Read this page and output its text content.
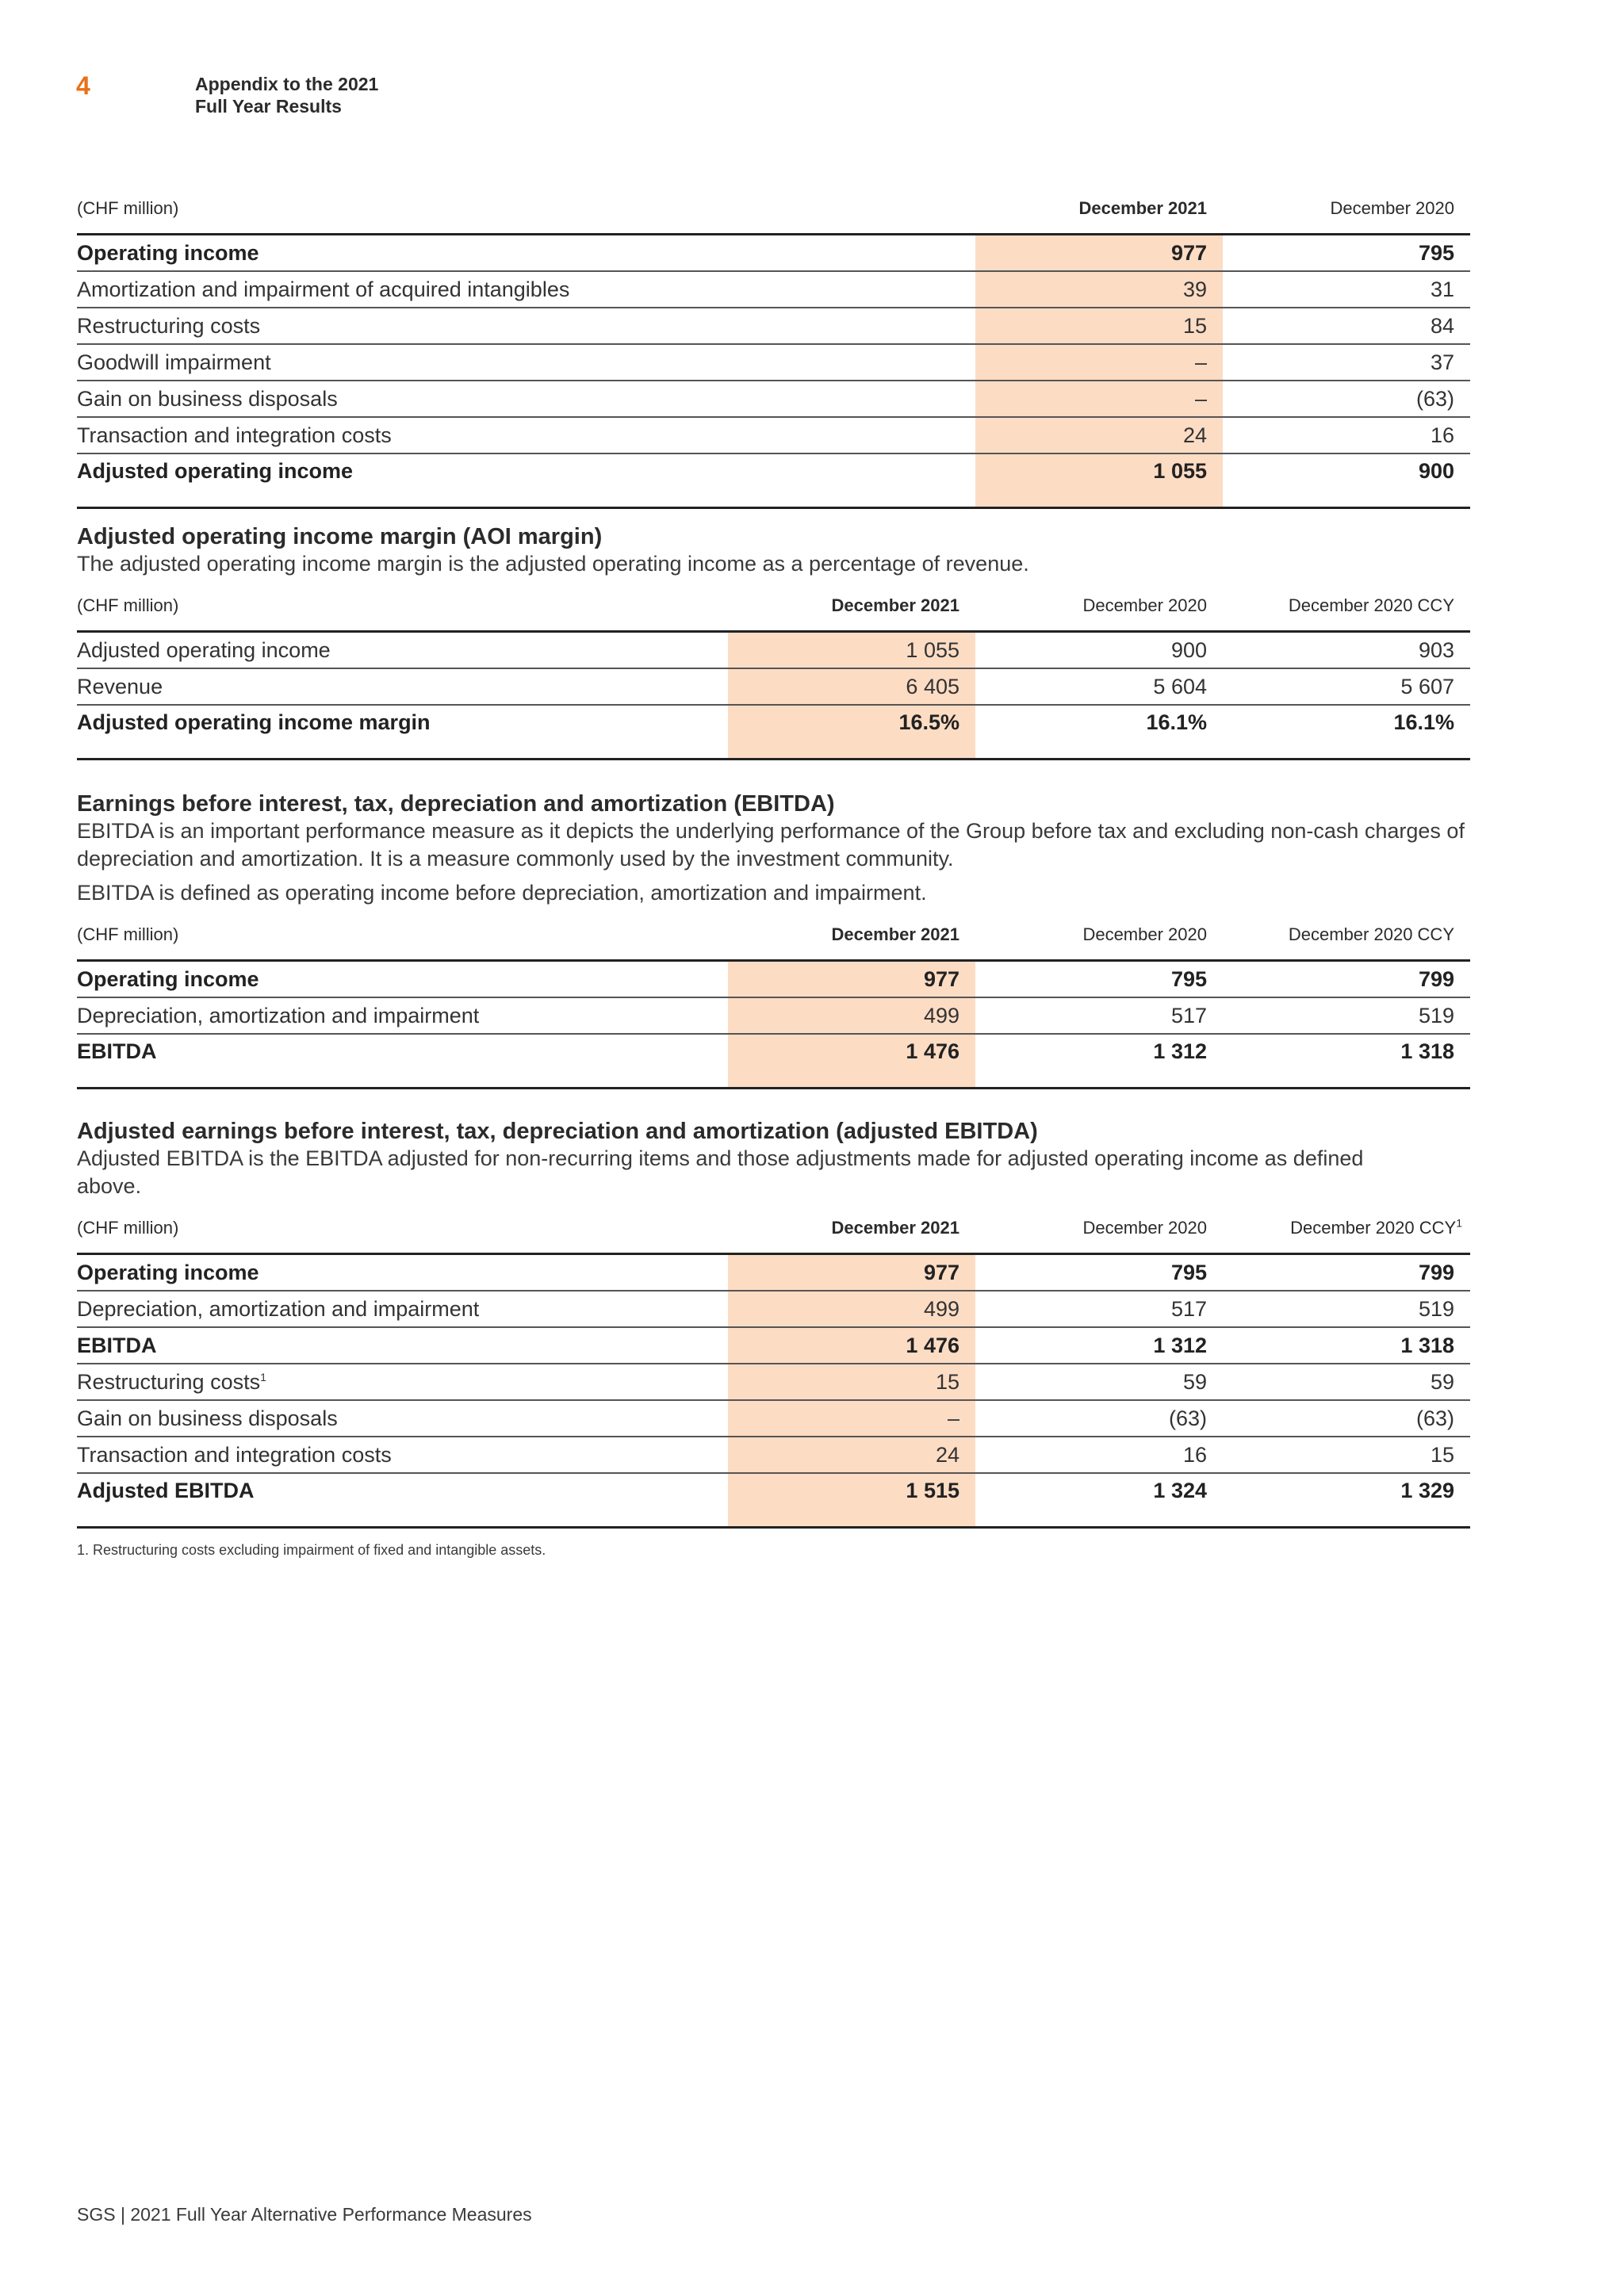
4	Appendix to the 2021
Full Year Results
(CHF million)	December 2021	December 2020
Operating income	977	795
Amortization and impairment of acquired intangibles	39	31
Restructuring costs	15	84
Goodwill impairment	–	37
Gain on business disposals	–	(63)
Transaction and integration costs	24	16
Adjusted operating income	1 055	900
Adjusted operating income margin (AOI margin)
The adjusted operating income margin is the adjusted operating income as a percentage of revenue.
(CHF million)	December 2021	December 2020	December 2020 CCY
Adjusted operating income	1 055	900	903
Revenue	6 405	5 604	5 607
Adjusted operating income margin	16.5%	16.1%	16.1%
Earnings before interest, tax, depreciation and amortization (EBITDA)
EBITDA is an important performance measure as it depicts the underlying performance of the Group before tax and excluding non-cash charges of depreciation and amortization. It is a measure commonly used by the investment community.
EBITDA is defined as operating income before depreciation, amortization and impairment.
(CHF million)	December 2021	December 2020	December 2020 CCY
Operating income	977	795	799
Depreciation, amortization and impairment	499	517	519
EBITDA	1 476	1 312	1 318
Adjusted earnings before interest, tax, depreciation and amortization (adjusted EBITDA)
Adjusted EBITDA is the EBITDA adjusted for non-recurring items and those adjustments made for adjusted operating income as defined above.
(CHF million)	December 2021	December 2020	December 2020 CCY$^1$
Operating income	977	795	799
Depreciation, amortization and impairment	499	517	519
EBITDA	1 476	1 312	1 318
Restructuring costs$^1$	15	59	59
Gain on business disposals	–	(63)	(63)
Transaction and integration costs	24	16	15
Adjusted EBITDA	1 515	1 324	1 329
1. Restructuring costs excluding impairment of fixed and intangible assets.
SGS | 2021 Full Year Alternative Performance Measures
